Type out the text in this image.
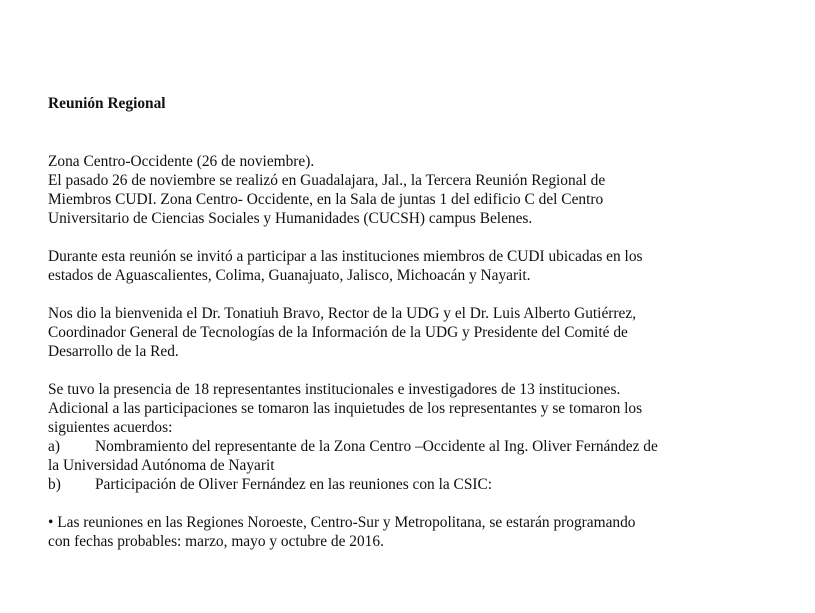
Reunión Regional
Zona Centro-Occidente (26 de noviembre).
El pasado 26 de noviembre se realizó en Guadalajara, Jal., la Tercera Reunión Regional de
Miembros CUDI. Zona Centro- Occidente, en la Sala de juntas 1 del edificio C del Centro
Universitario de Ciencias Sociales y Humanidades (CUCSH) campus Belenes.
Durante esta reunión se invitó a participar a las instituciones miembros de CUDI ubicadas en los
estados de Aguascalientes, Colima, Guanajuato, Jalisco, Michoacán y Nayarit.
Nos dio la bienvenida el Dr. Tonatiuh Bravo, Rector de la UDG y el Dr. Luis Alberto Gutiérrez,
Coordinador General de Tecnologías de la Información de la UDG y Presidente del Comité de
Desarrollo de la Red.
Se tuvo la presencia de 18 representantes institucionales e investigadores de 13 instituciones.
Adicional a las participaciones se tomaron las inquietudes de los representantes y se tomaron los
siguientes acuerdos:
a) Nombramiento del representante de la Zona Centro –Occidente al Ing. Oliver Fernández de
la Universidad Autónoma de Nayarit
b) Participación de Oliver Fernández en las reuniones con la CSIC:
• Las reuniones en las Regiones Noroeste, Centro-Sur y Metropolitana, se estarán programando
con fechas probables: marzo, mayo y octubre de 2016.
